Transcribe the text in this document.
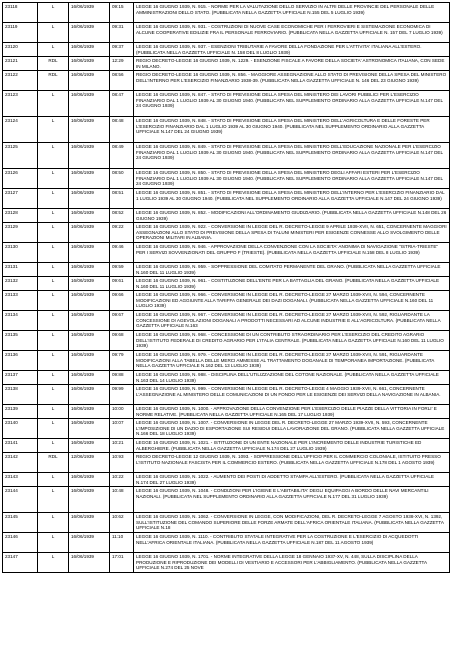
23118	L	16/06/1939	09:15	LEGGE 16 GIUGNO 1939, N. 915. - NORME PER LA VALUTAZIONE DELLO SERVIZIO IN ALTRI DELLE PROVINCIE DEL PERSONALE DELLE AMMINISTRAZIONI DELLO STATO. (PUBBLICATA NELLA GAZZETTA UFFICIALE N.155 DEL 5 LUGLIO 1939)
23119	L	16/06/1939	09:31	LEGGE 16 GIUGNO 1939, N. 931. - COSTRUZIONI DI NUOVE CASE ECONOMICHE PER I FERROVIERI E SISTEMAZIONE ECONOMICA DI ALCUNE COOPERATIVE EDILIZIE FRA IL PERSONALE FERROVIARIO. (PUBBLICATA NELLA GAZZETTA UFFICIALE N. 157 DEL 7 LUGLIO 1939)
23120	L	16/06/1939	09:37	LEGGE 16 GIUGNO 1939, N. 937. - ESENZIONI TRIBUTARIE A FAVORE DELLA FONDAZIONE PER L'ATTIVITA' ITALIANA ALL'ESTERO. (PUBBLICATA NELLA GAZZETTA UFFICIALE N. 158 DEL 8 LUGLIO 1939)
23121	RDL	16/06/1939	12:29	REGIO DECRETO-LEGGE 16 GIUGNO 1939, N. 1229. - ESENZIONE FISCALE A FAVORE DELLA SOCIETA' ASTRONOMICA ITALIANA, CON SEDE IN MILANO.
23122	RDL	16/06/1939	08:56	REGIO DECRETO-LEGGE 16 GIUGNO 1939, N. 856. - MAGGIORE ASSEGNAZIONE ALLO STATO DI PREVISIONE DELLA SPESA DEL MINISTERO DELL'INTERNO PER L'ESERCIZIO FINANZIARIO 1938-39. (PUBBLICATA NELLA GAZZETTA UFFICIALE N. 146 DEL 23 GIUGNO 1939)
23123	L	16/06/1939	08:47	LEGGE 16 GIUGNO 1939, N. 847. - STATO DI PREVISIONE DELLA SPESA DEL MINISTERO DEI LAVORI PUBBLICI PER L'ESERCIZIO FINANZIARIO DAL 1 LUGLIO 1939 AL 30 GIUGNO 1940. (PUBBLICATA NEL SUPPLEMENTO ORDINARIO ALLA GAZZETTA UFFICIALE N.147 DEL 24 GIUGNO 1939)
23124	L	16/06/1939	08:48	LEGGE 16 GIUGNO 1939, N. 848. - STATO DI PREVISIONE DELLA SPESA DEL MINISTERO DELL'AGRICOLTURA E DELLE FORESTE PER L'ESERCIZIO FINANZIARIO DAL 1 LUGLIO 1939 AL 30 GIUGNO 1940. (PUBBLICATA NEL SUPPLEMENTO ORDINARIO ALLA GAZZETTA UFFICIALE N.147 DEL 24 GIUGNO 1939)
23125	L	16/06/1939	08:49	LEGGE 16 GIUGNO 1939, N. 849. - STATO DI PREVISIONE DELLA SPESA DEL MINISTERO DELL'EDUCAZIONE NAZIONALE PER L'ESERCIZIO FINANZIARIO DAL 1 LUGLIO 1939 AL 30 GIUGNO 1940. (PUBBLICATA NEL SUPPLEMENTO ORDINARIO ALLA GAZZETTA UFFICIALE N.147 DEL 24 GIUGNO 1939)
23126	L	16/06/1939	08:50	LEGGE 16 GIUGNO 1939, N. 850. - STATO DI PREVISIONE DELLA SPESA DEL MINISTERO DEGLI AFFARI ESTERI PER L'ESERCIZIO FINANZIARIO DAL 1 LUGLIO 1939 AL 30 GIUGNO 1940. (PUBBLICATA NEL SUPPLEMENTO ORDINARIO ALLA GAZZETTA UFFICIALE N.147 DEL 24 GIUGNO 1939)
23127	L	16/06/1939	08:51	LEGGE 16 GIUGNO 1939, N. 851. - STATO DI PREVISIONE DELLA SPESA DEL MINISTERO DELL'INTERNO PER L'ESERCIZIO FINANZIARIO DAL 1 LUGLIO 1939 AL 30 GIUGNO 1940. (PUBBLICATA NEL SUPPLEMENTO ORDINARIO ALLA GAZZETTA UFFICIALE N.147 DEL 24 GIUGNO 1939)
23128	L	16/06/1939	08:52	LEGGE 16 GIUGNO 1939, N. 852. - MODIFICAZIONI ALL'ORDINAMENTO GIUDIZIARIO. (PUBBLICATA NELLA GAZZETTA UFFICIALE N.148 DEL 26 GIUGNO 1939)
23129	L	16/06/1939	09:22	LEGGE 16 GIUGNO 1939, N. 922. - CONVERSIONE IN LEGGE DEL R. DECRETO-LEGGE 9 APRILE 1939-XVII, N. 651, CONCERNENTE MAGGIORI ASSEGNAZIONI ALLO STATO DI PREVISIONE DELLA SPESA DI TALUNI MINISTERI PER ESIGENZE CONNESSE ALLO SVOLGIMENTO DELLE OPERAZIONI MILITARI IN ALBANIA.
23130	L	16/06/1939	09:46	LEGGE 16 GIUGNO 1939, N. 946. - APPROVAZIONE DELLA CONVENZIONE CON LA SOCIETA' ANONIMA DI NAVIGAZIONE "ISTRIA-TRIESTE" PER I SERVIZI SOVVENZIONATI DEL GRUPPO F (TRIESTE). (PUBBLICATA NELLA GAZZETTA UFFICIALE N.158 DEL 8 LUGLIO 1939)
23131	L	16/06/1939	09:59	LEGGE 16 GIUGNO 1939, N. 959. - SOPPRESSIONE DEL COMITATO PERMANENTE DEL GRANO. (PUBBLICATA NELLA GAZZETTA UFFICIALE N.160 DEL 11 LUGLIO 1939)
23132	L	16/06/1939	09:61	LEGGE 16 GIUGNO 1939, N. 961. - COSTITUZIONE DELL'ENTE PER LA BATTAGLIA DEL GRANO. (PUBBLICATA NELLA GAZZETTA UFFICIALE N.160 DEL 11 LUGLIO 1939)
23133	L	16/06/1939	09:66	LEGGE 16 GIUGNO 1939, N. 966. - CONVERSIONE IN LEGGE DEL R. DECRETO-LEGGE 27 MARZO 1939-XVII, N. 594, CONCERNENTE MODIFICAZIONI ED AGGIUNTE ALLA TARIFFA GENERALE DEI DAZI DOGANALI. (PUBBLICATA NELLA GAZZETTA UFFICIALE N.160 DEL 11 LUGLIO 1939)
23134	L	16/06/1939	09:67	LEGGE 16 GIUGNO 1939, N. 967. - CONVERSIONE IN LEGGE DEL R. DECRETO-LEGGE 27 MARZO 1939-XVII, N. 592, RIGUARDANTE LA CONCESSIONE DI AGEVOLAZIONI DOGANALI A PRODOTTI NECESSARI AD ALCUNE INDUSTRIE E ALL'AGRICOLTURA. (PUBBLICATA NELLA GAZZETTA UFFICIALE N.163
23135	L	16/06/1939	09:68	LEGGE 16 GIUGNO 1939, N. 968. - CONCESSIONE DI UN CONTRIBUTO STRAORDINARIO PER L'ESERCIZIO DEL CREDITO AGRARIO DELL'ISTITUTO FEDERALE DI CREDITO AGRARIO PER L'ITALIA CENTRALE. (PUBBLICATA NELLA GAZZETTA UFFICIALE N.160 DEL 11 LUGLIO 1939)
23136	L	16/06/1939	09:79	LEGGE 16 GIUGNO 1939, N. 979. - CONVERSIONE IN LEGGE DEL R. DECRETO-LEGGE 27 MARZO 1939-XVII, N. 591, RIGUARDANTE MODIFICAZIONI ALLA TABELLA DELLE MERCI AMMESSE AL TRATTAMENTO DOGANALE DI TEMPORANEA IMPORTAZIONE. (PUBBLICATA NELLA GAZZETTA UFFICIALE N.162 DEL 13 LUGLIO 1939)
23137	L	16/06/1939	09:88	LEGGE 16 GIUGNO 1939, N. 988. - DISCIPLINA DELL'UTILIZZAZIONE DEL COTONE NAZIONALE. (PUBBLICATA NELLA GAZZETTA UFFICIALE N.163 DEL 14 LUGLIO 1939)
23138	L	16/06/1939	09:99	LEGGE 16 GIUGNO 1939, N. 999. - CONVERSIONE IN LEGGE DEL R. DECRETO-LEGGE 4 MAGGIO 1939-XVII, N. 661, CONCERNENTE L'ASSEGNAZIONE AL MINISTERO DELLE COMUNICAZIONI DI UN FONDO PER LE ESIGENZE DEI SERVIZI DELLA NAVIGAZIONE IN ALBANIA.
23139	L	16/06/1939	10:00	LEGGE 16 GIUGNO 1939, N. 1000. - APPROVAZIONE DELLA CONVENZIONE PER L'ESERCIZIO DELLE PIAZZE DELLA VITTORIA IN FORLI' E NORME RELATIVE. (PUBBLICATA NELLA GAZZETTA UFFICIALE N.165 DEL 17 LUGLIO 1939)
23140	L	16/06/1939	10:07	LEGGE 16 GIUGNO 1939, N. 1007. - CONVERSIONE IN LEGGE DEL R. DECRETO-LEGGE 27 MARZO 1939-XVII, N. 593, CONCERNENTE L'IMPOSIZIONE DI UN DAZIO DI ESPORTAZIONE SUI RESIDUI DELLA LAVORAZIONE DEL GRANO. (PUBBLICATA NELLA GAZZETTA UFFICIALE N.166 DEL 18 LUGLIO 1939)
23141	L	16/06/1939	10:21	LEGGE 16 GIUGNO 1939, N. 1021. - ISTITUZIONE DI UN ENTE NAZIONALE PER L'INCREMENTO DELLE INDUSTRIE TURISTICHE ED ALBERGHIERE. (PUBBLICATA NELLA GAZZETTA UFFICIALE N.174 DEL 27 LUGLIO 1939)
23142	RDL	12/06/1939	10:93	REGIO DECRETO-LEGGE 12 GIUGNO 1939, N. 1093. - SOPPRESSIONE DELL'UFFICIO PER IL COMMERCIO COLONIALE, ISTITUITO PRESSO L'ISTITUTO NAZIONALE FASCISTA PER IL COMMERCIO ESTERO. (PUBBLICATA NELLA GAZZETTA UFFICIALE N.178 DEL 1 AGOSTO 1939)
23143	L	16/06/1939	10:22	LEGGE 16 GIUGNO 1939, N. 1022. - AUMENTO DEI POSTI DI ADDETTO STAMPA ALL'ESTERO. (PUBBLICATA NELLA GAZZETTA UFFICIALE N.174 DEL 27 LUGLIO 1939)
23144	L	16/06/1939	10:48	LEGGE 16 GIUGNO 1939, N. 1048. - CONDIZIONI PER L'IGIENE E L'ABITABILITA' DEGLI EQUIPAGGI A BORDO DELLE NAVI MERCANTILI NAZIONALI. (PUBBLICATA NEL SUPPLEMENTO ORDINARIO ALLA GAZZETTA UFFICIALE N.177 DEL 31 LUGLIO 1939)
23145	L	16/06/1939	10:62	LEGGE 16 GIUGNO 1939, N. 1062. - CONVERSIONE IN LEGGE, CON MODIFICAZIONI, DEL R. DECRETO-LEGGE 7 AGOSTO 1938-XVI, N. 1392, SULL'ISTITUZIONE DEL COMANDO SUPERIORE DELLE FORZE ARMATE DELL'AFRICA ORIENTALE ITALIANA. (PUBBLICATA NELLA GAZZETTA UFFICIALE N.18
23146	L	16/06/1939	11:10	LEGGE 16 GIUGNO 1939, N. 1110. - CONTRIBUTO STATALE INTEGRATIVE PER LA COSTRUZIONE E L'ESERCIZIO DI ACQUEDOTTI NELL'AFRICA ORIENTALE ITALIANA. (PUBBLICATA NELLA GAZZETTA UFFICIALE N.187 DEL 11 AGOSTO 1939)
23147	L	16/06/1939	17:01	LEGGE 16 GIUGNO 1939, N. 1701. - NORME INTEGRATIVE DELLA LEGGE 18 GENNAIO 1937-XV, N. 448, SULLA DISCIPLINA DELLA PRODUZIONE E RIPRODUZIONE DEI MODELLI DI VESTIARIO E ACCESSORI PER L'ABBIGLIAMENTO. (PUBBLICATA NELLA GAZZETTA UFFICIALE N.274 DEL 25 NOVE
